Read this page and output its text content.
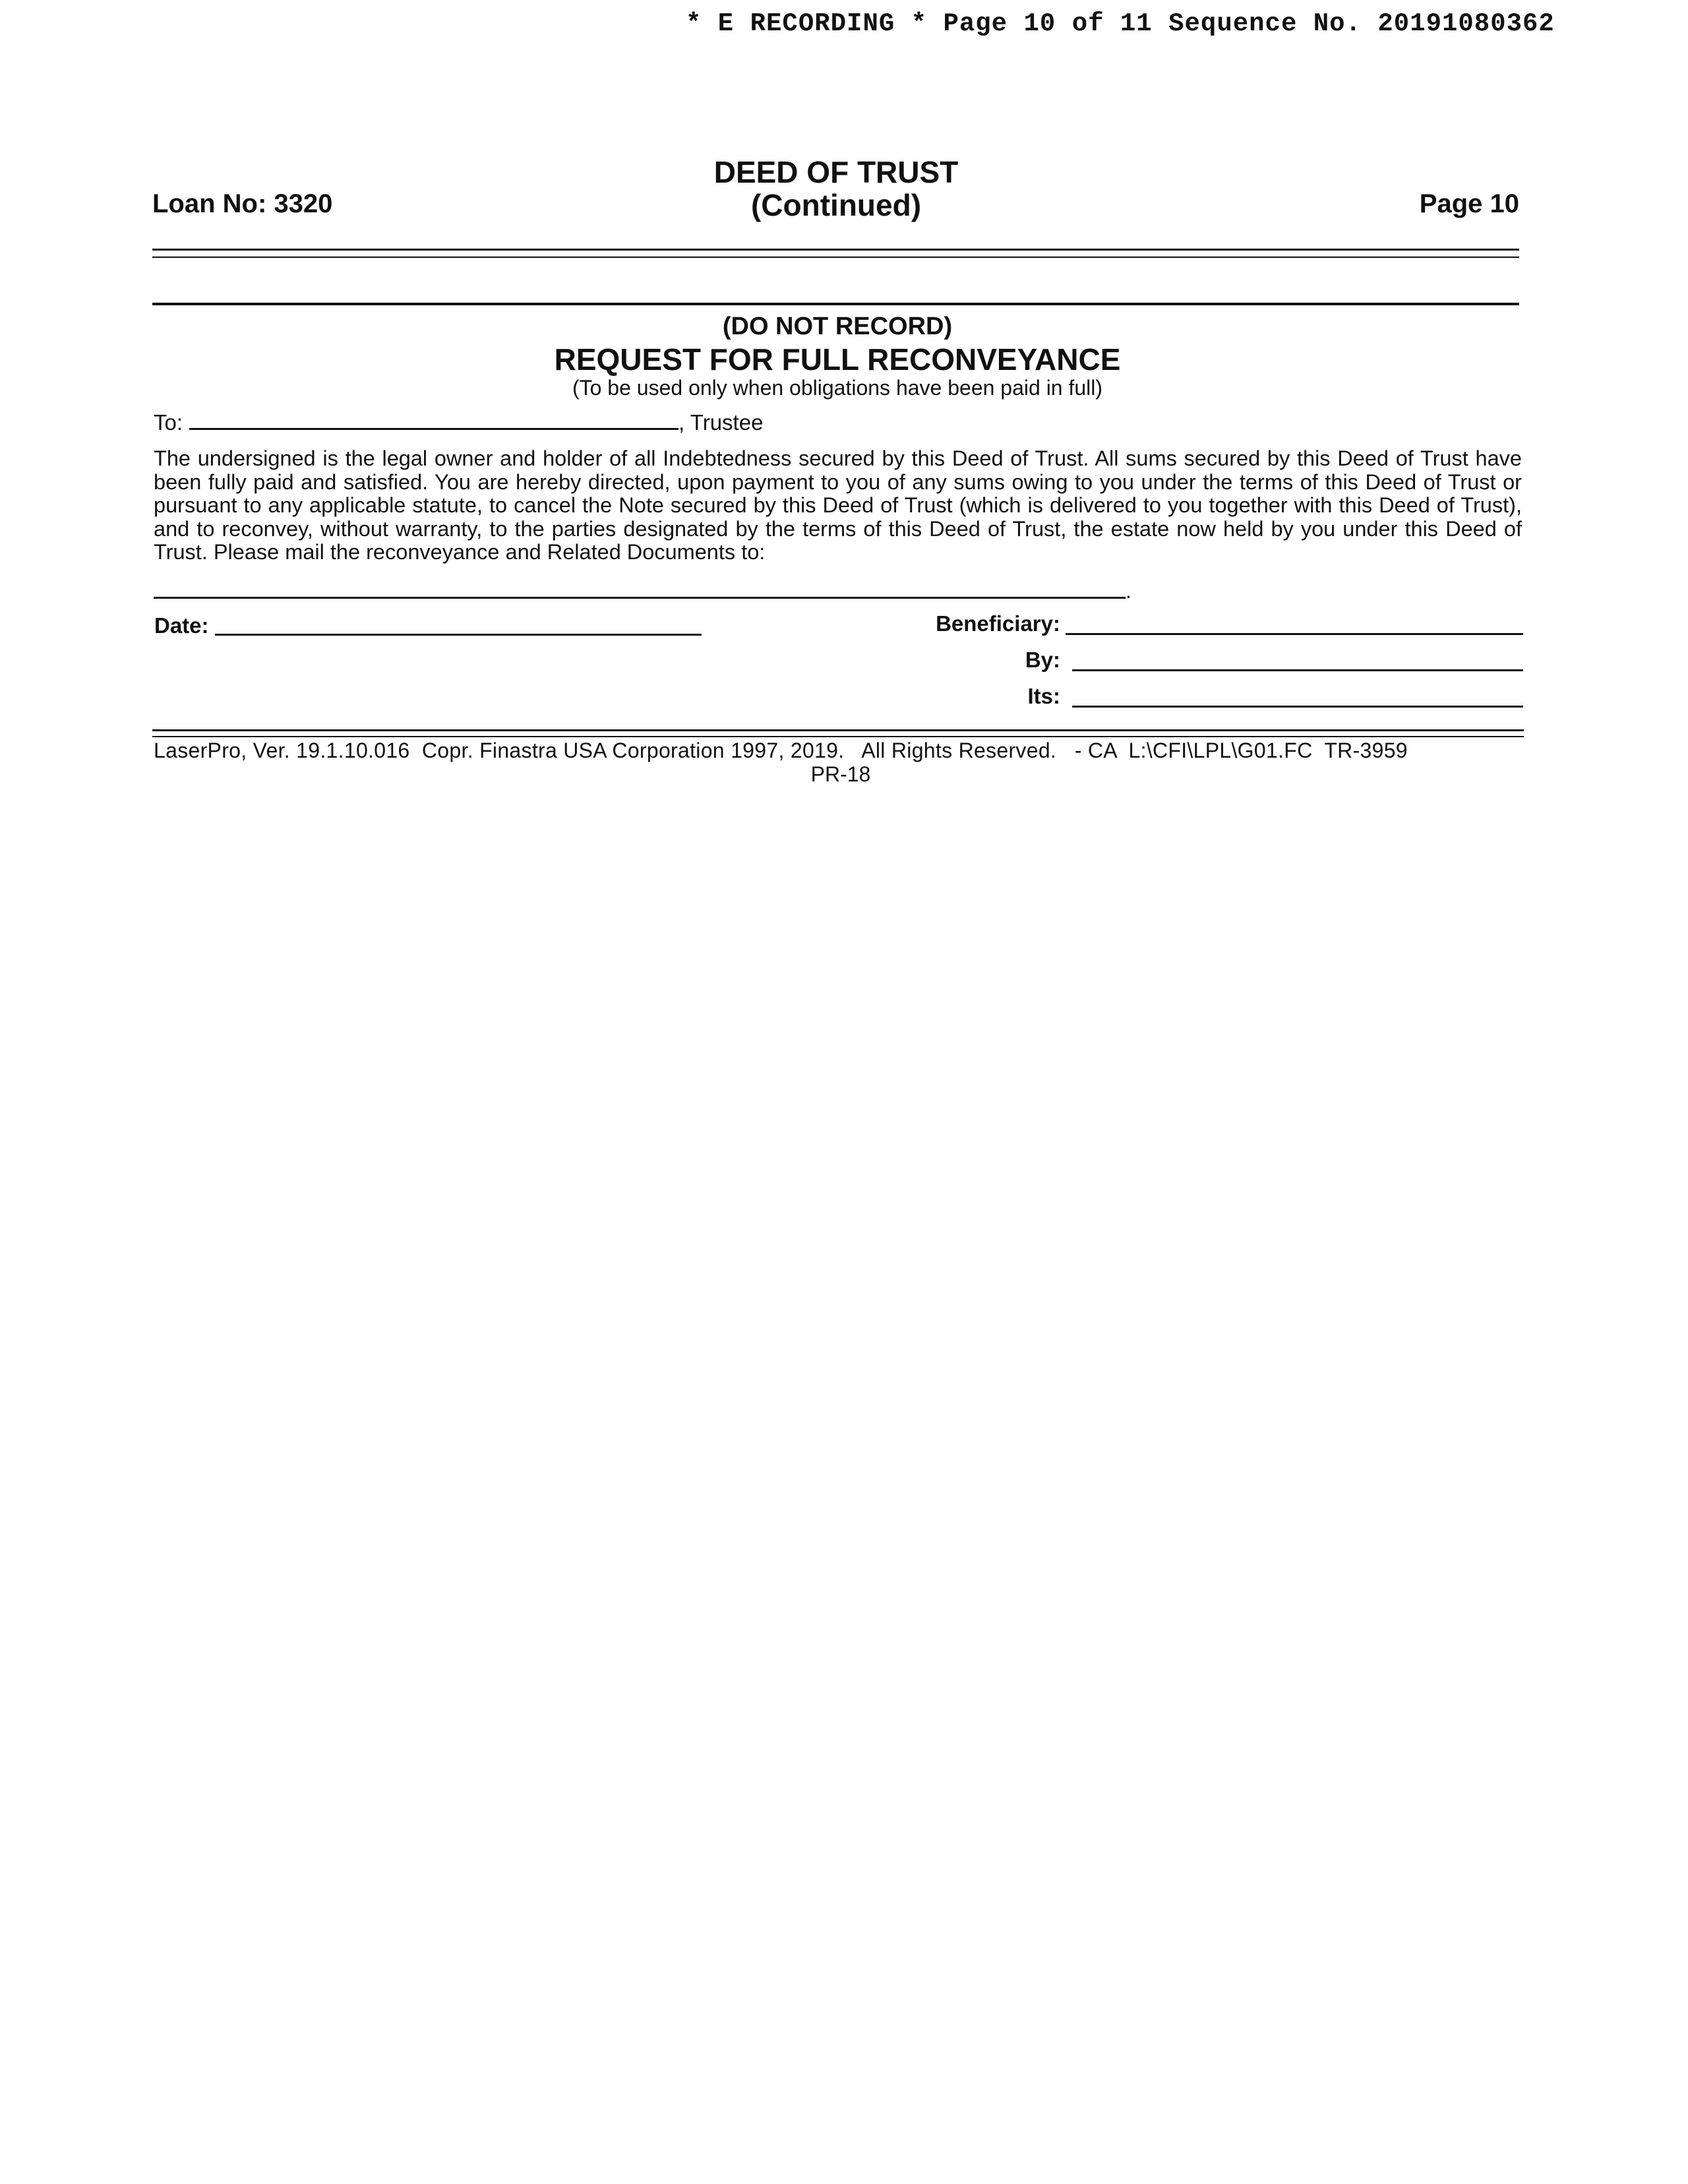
* E RECORDING * Page 10 of 11 Sequence No. 20191080362
Loan No: 3320
DEED OF TRUST
(Continued)	Page 10
(DO NOT RECORD)
REQUEST FOR FULL RECONVEYANCE
(To be used only when obligations have been paid in full)
To:	, Trustee
The undersigned is the legal owner and holder of all Indebtedness secured by this Deed of Trust. All sums secured by this Deed of Trust have been fully paid and satisfied. You are hereby directed, upon payment to you of any sums owing to you under the terms of this Deed of Trust or pursuant to any applicable statute, to cancel the Note secured by this Deed of Trust (which is delivered to you together with this Deed of Trust), and to reconvey, without warranty, to the parties designated by the terms of this Deed of Trust, the estate now held by you under this Deed of Trust. Please mail the reconveyance and Related Documents to:
.
Date:	Beneficiary:
By:
Its:
LaserPro, Ver. 19.1.10.016  Copr. Finastra USA Corporation 1997, 2019.   All Rights Reserved.   - CA  L:\CFI\LPL\G01.FC  TR-3959
PR-18
